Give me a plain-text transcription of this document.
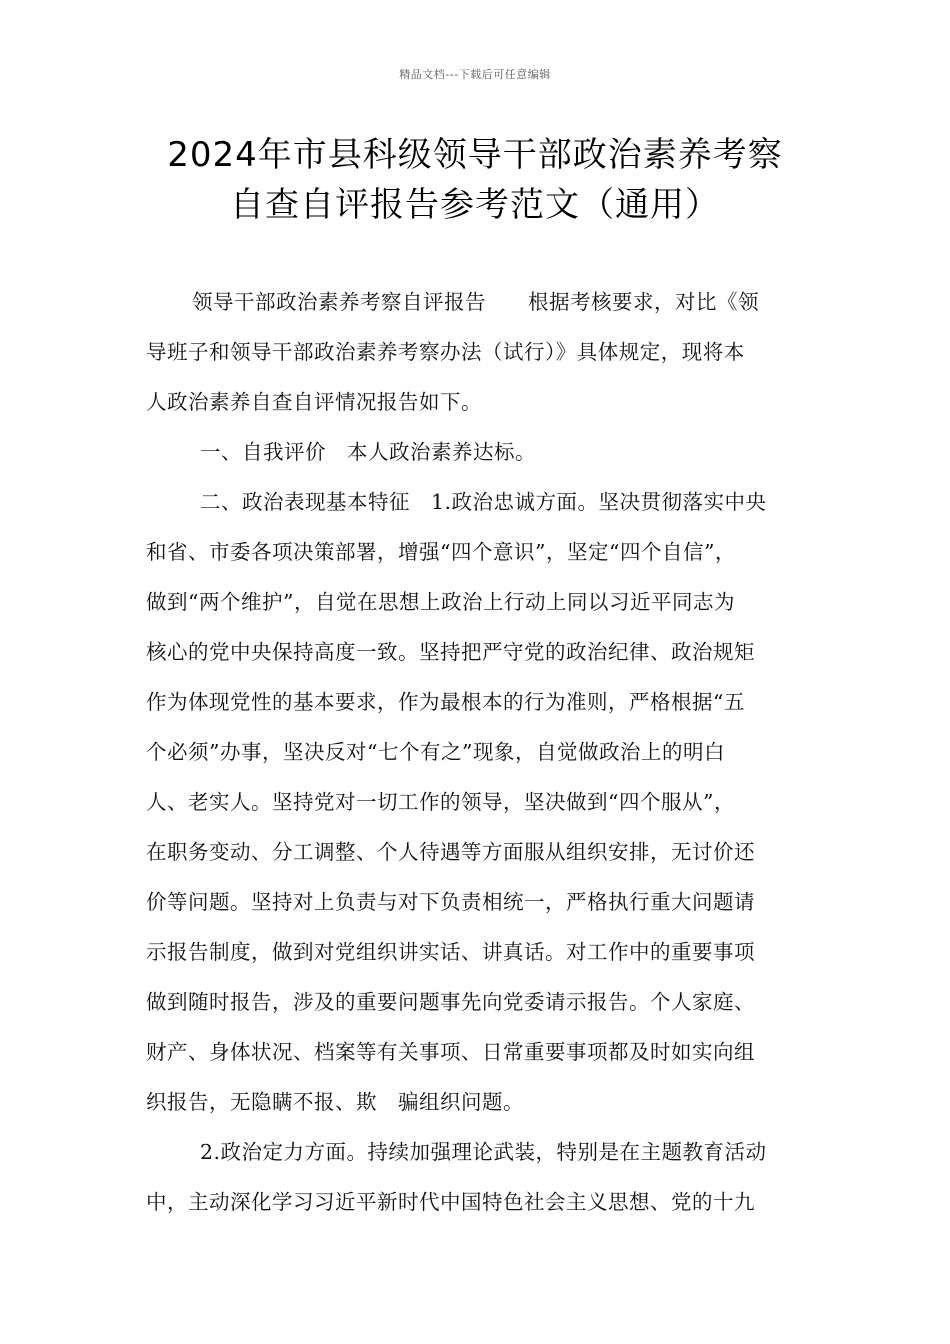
精品文档---下载后可任意编辑
2024年市县科级领导干部政治素养考察
自查自评报告参考范文（通用）
领导干部政治素养考察自评报告　　根据考核要求，对比《领
导班子和领导干部政治素养考察办法（试行）》具体规定，现将本
人政治素养自查自评情况报告如下。
一、自我评价　本人政治素养达标。
二、政治表现基本特征　1.政治忠诚方面。坚决贯彻落实中央
和省、市委各项决策部署，增强“四个意识”，坚定“四个自信”，
做到“两个维护”，自觉在思想上政治上行动上同以习近平同志为
核心的党中央保持高度一致。坚持把严守党的政治纪律、政治规矩
作为体现党性的基本要求，作为最根本的行为准则，严格根据“五
个必须”办事，坚决反对“七个有之”现象，自觉做政治上的明白
人、老实人。坚持党对一切工作的领导，坚决做到“四个服从”，
在职务变动、分工调整、个人待遇等方面服从组织安排，无讨价还
价等问题。坚持对上负责与对下负责相统一，严格执行重大问题请
示报告制度，做到对党组织讲实话、讲真话。对工作中的重要事项
做到随时报告，涉及的重要问题事先向党委请示报告。个人家庭、
财产、身体状况、档案等有关事项、日常重要事项都及时如实向组
织报告，无隐瞒不报、欺　骗组织问题。
2.政治定力方面。持续加强理论武装，特别是在主题教育活动
中，主动深化学习习近平新时代中国特色社会主义思想、党的十九
